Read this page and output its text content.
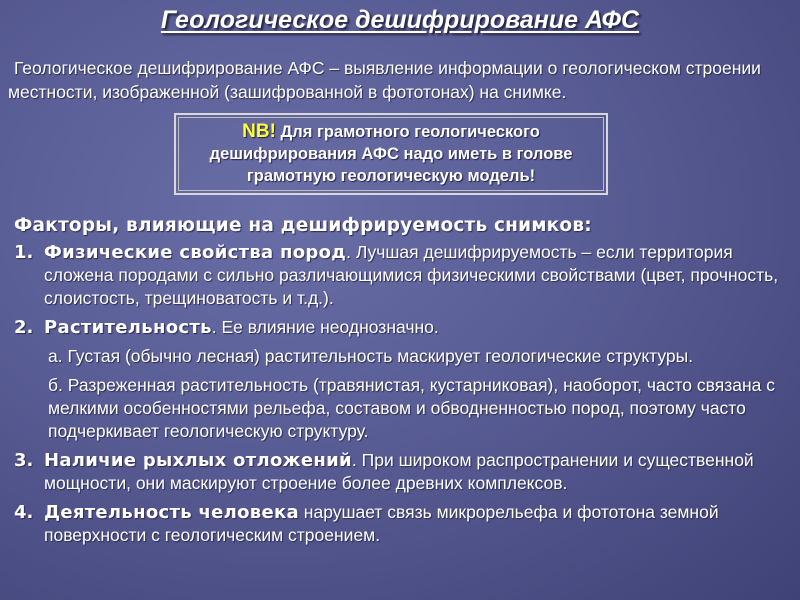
Геологическое дешифрирование АФС
Геологическое дешифрирование АФС – выявление информации о геологическом строении местности, изображенной (зашифрованной в фототонах) на снимке.
NB! Для грамотного геологического дешифрирования АФС надо иметь в голове грамотную геологическую модель!
Факторы, влияющие на дешифрируемость снимков:
1. Физические свойства пород. Лучшая дешифрируемость – если территория сложена породами с сильно различающимися физическими свойствами (цвет, прочность, слоистость, трещиноватость и т.д.).
2. Растительность. Ее влияние неоднозначно.
а. Густая (обычно лесная) растительность маскирует геологические структуры.
б. Разреженная растительность (травянистая, кустарниковая), наоборот, часто связана с мелкими особенностями рельефа, составом и обводненностью пород, поэтому часто подчеркивает геологическую структуру.
3. Наличие рыхлых отложений. При широком распространении и существенной мощности, они маскируют строение более древних комплексов.
4. Деятельность человека нарушает связь микрорельефа и фототона земной поверхности с геологическим строением.
